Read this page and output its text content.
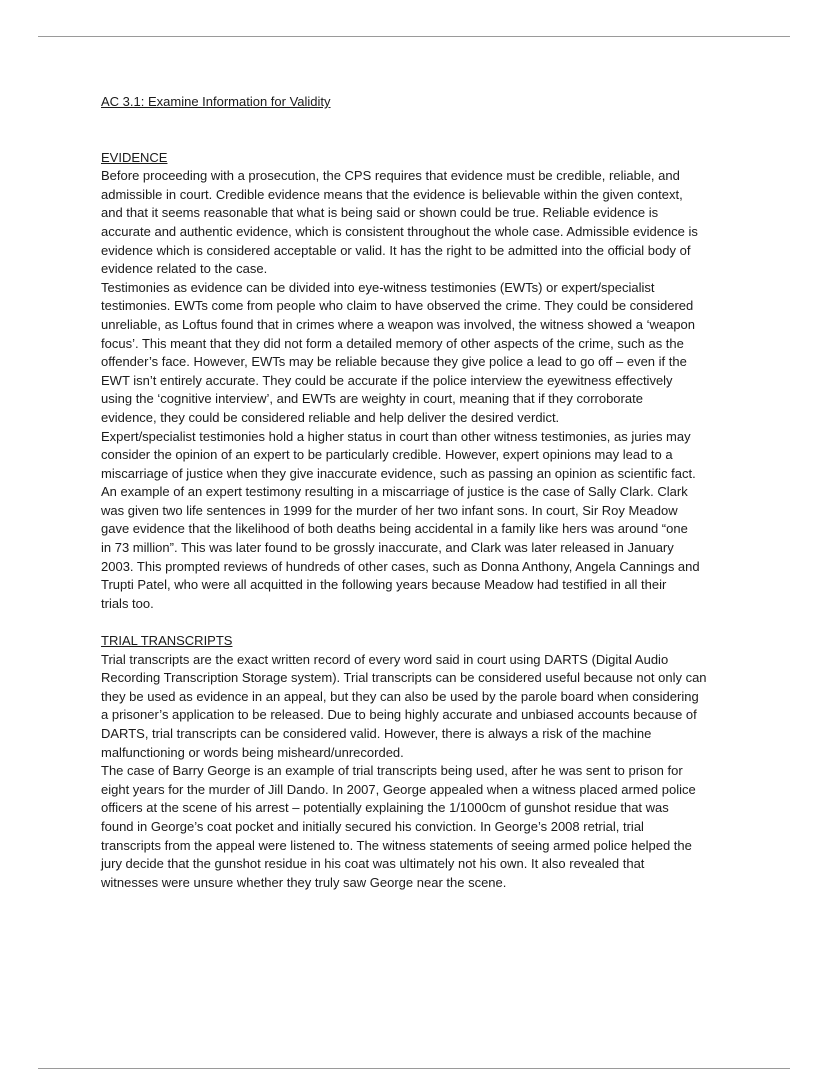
AC 3.1: Examine Information for Validity
EVIDENCE
Before proceeding with a prosecution, the CPS requires that evidence must be credible, reliable, and
admissible in court. Credible evidence means that the evidence is believable within the given context,
and that it seems reasonable that what is being said or shown could be true. Reliable evidence is
accurate and authentic evidence, which is consistent throughout the whole case. Admissible evidence is
evidence which is considered acceptable or valid. It has the right to be admitted into the official body of
evidence related to the case.
Testimonies as evidence can be divided into eye-witness testimonies (EWTs) or expert/specialist
testimonies. EWTs come from people who claim to have observed the crime. They could be considered
unreliable, as Loftus found that in crimes where a weapon was involved, the witness showed a ‘weapon
focus’. This meant that they did not form a detailed memory of other aspects of the crime, such as the
offender’s face. However, EWTs may be reliable because they give police a lead to go off – even if the
EWT isn’t entirely accurate. They could be accurate if the police interview the eyewitness effectively
using the ‘cognitive interview’, and EWTs are weighty in court, meaning that if they corroborate
evidence, they could be considered reliable and help deliver the desired verdict.
Expert/specialist testimonies hold a higher status in court than other witness testimonies, as juries may
consider the opinion of an expert to be particularly credible. However, expert opinions may lead to a
miscarriage of justice when they give inaccurate evidence, such as passing an opinion as scientific fact.
An example of an expert testimony resulting in a miscarriage of justice is the case of Sally Clark. Clark
was given two life sentences in 1999 for the murder of her two infant sons. In court, Sir Roy Meadow
gave evidence that the likelihood of both deaths being accidental in a family like hers was around “one
in 73 million”. This was later found to be grossly inaccurate, and Clark was later released in January
2003. This prompted reviews of hundreds of other cases, such as Donna Anthony, Angela Cannings and
Trupti Patel, who were all acquitted in the following years because Meadow had testified in all their
trials too.
TRIAL TRANSCRIPTS
Trial transcripts are the exact written record of every word said in court using DARTS (Digital Audio
Recording Transcription Storage system). Trial transcripts can be considered useful because not only can
they be used as evidence in an appeal, but they can also be used by the parole board when considering
a prisoner’s application to be released. Due to being highly accurate and unbiased accounts because of
DARTS, trial transcripts can be considered valid. However, there is always a risk of the machine
malfunctioning or words being misheard/unrecorded.
The case of Barry George is an example of trial transcripts being used, after he was sent to prison for
eight years for the murder of Jill Dando. In 2007, George appealed when a witness placed armed police
officers at the scene of his arrest – potentially explaining the 1/1000cm of gunshot residue that was
found in George’s coat pocket and initially secured his conviction. In George’s 2008 retrial, trial
transcripts from the appeal were listened to. The witness statements of seeing armed police helped the
jury decide that the gunshot residue in his coat was ultimately not his own. It also revealed that
witnesses were unsure whether they truly saw George near the scene.
